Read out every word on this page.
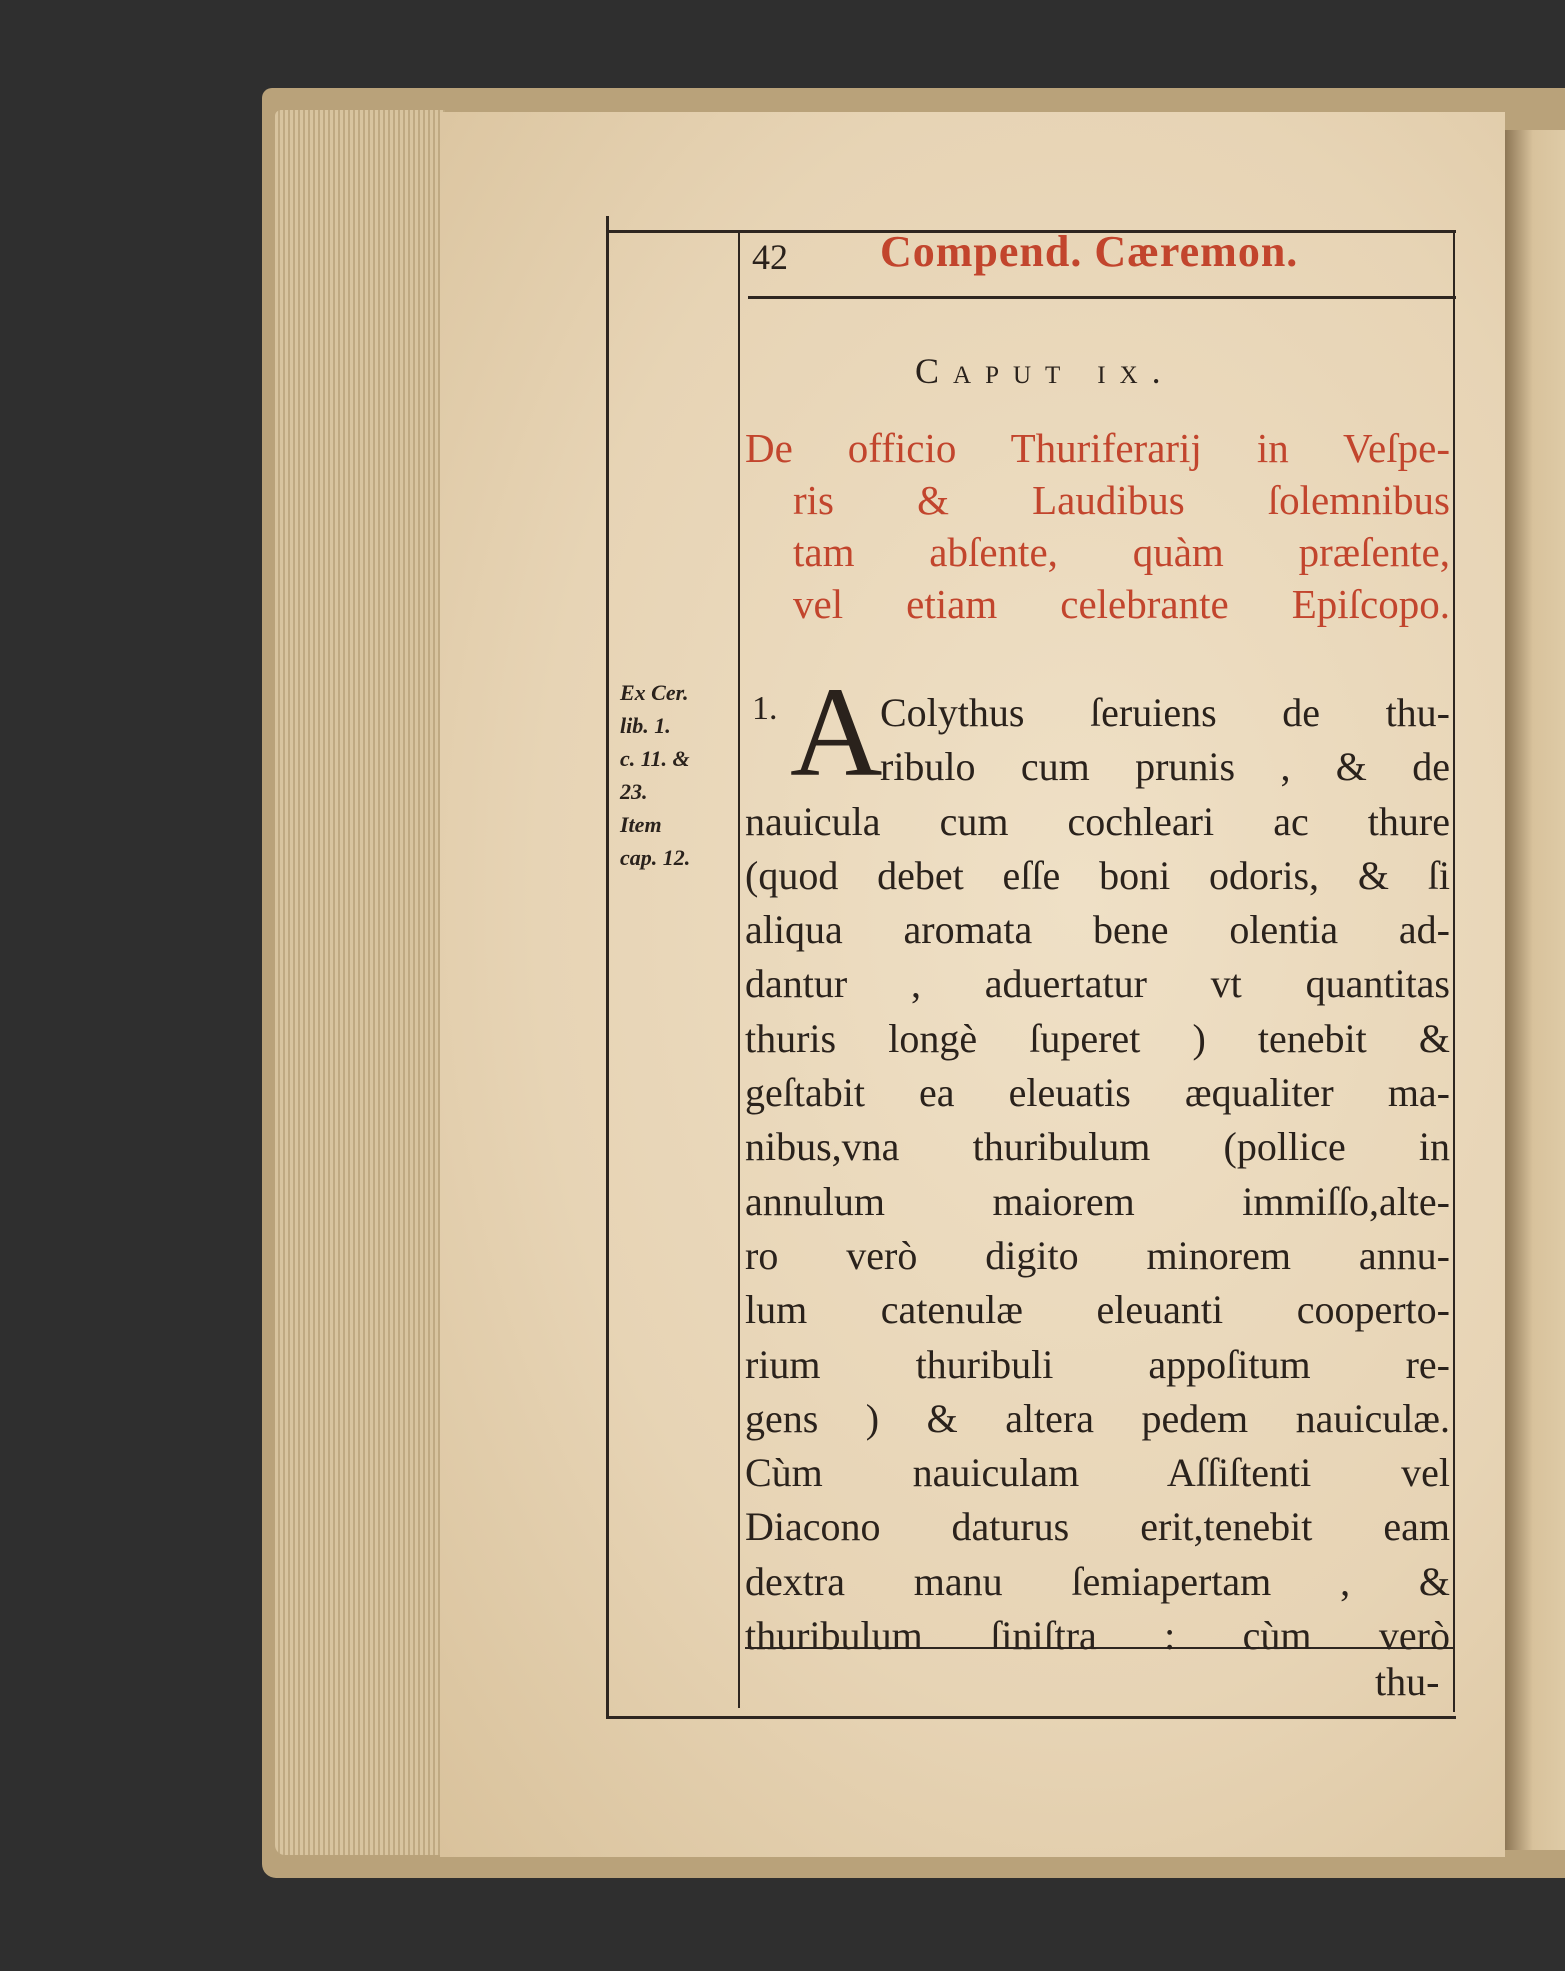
42 Compend. Cæremon.
Caput ix.
De officio Thuriferarij in Veſpe-
ris & Laudibus ſolemnibus
tam abſente, quàm præſente,
vel etiam celebrante Epiſcopo.
Ex Cer.
lib. 1.
c. 11. &
23.
Item
cap. 12.
1. A
Colythus ſeruiens de thu-
ribulo cum prunis , & de
nauicula cum cochleari ac thure
(quod debet eſſe boni odoris, & ſi
aliqua aromata bene olentia ad-
dantur , aduertatur vt quantitas
thuris longè ſuperet ) tenebit &
geſtabit ea eleuatis æqualiter ma-
nibus,vna thuribulum (pollice in
annulum maiorem immiſſo,alte-
ro verò digito minorem annu-
lum catenulæ eleuanti cooperto-
rium thuribuli appoſitum re-
gens ) & altera pedem nauiculæ.
Cùm nauiculam Aſſiſtenti vel
Diacono daturus erit,tenebit eam
dextra manu ſemiapertam , &
thuribulum ſiniſtra : cùm verò
thu-
